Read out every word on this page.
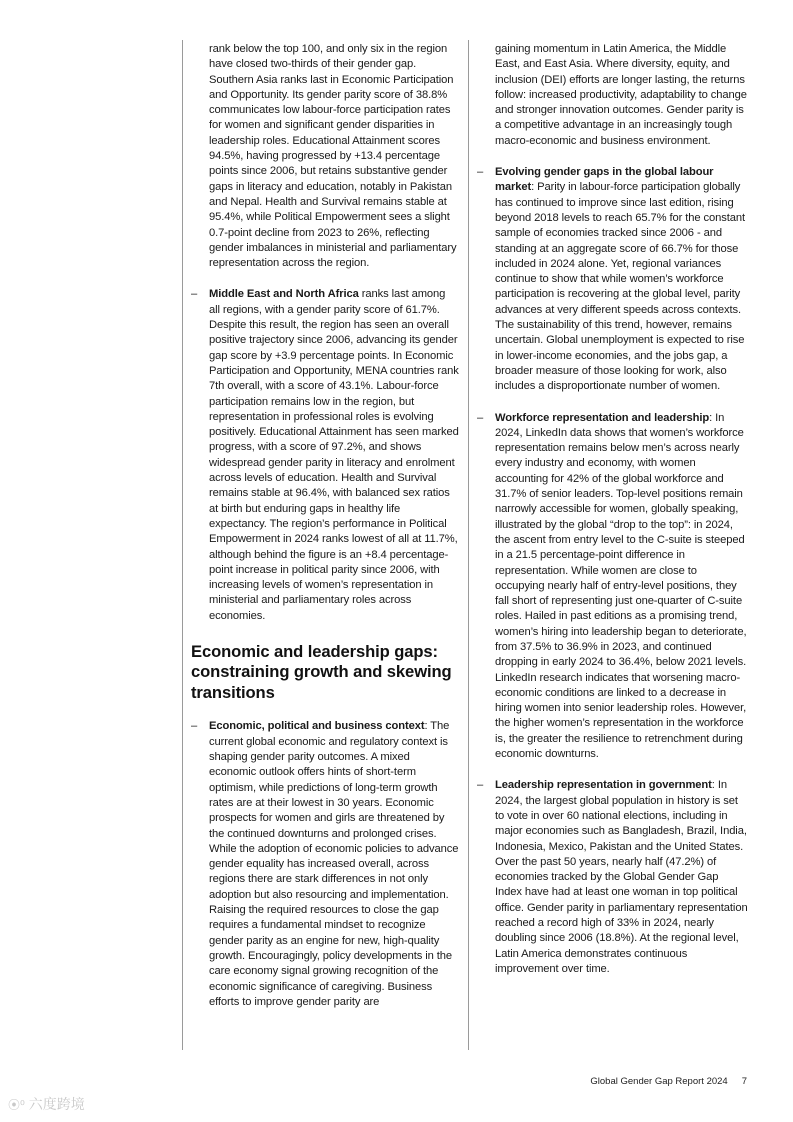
rank below the top 100, and only six in the region have closed two-thirds of their gender gap. Southern Asia ranks last in Economic Participation and Opportunity. Its gender parity score of 38.8% communicates low labour-force participation rates for women and significant gender disparities in leadership roles. Educational Attainment scores 94.5%, having progressed by +13.4 percentage points since 2006, but retains substantive gender gaps in literacy and education, notably in Pakistan and Nepal. Health and Survival remains stable at 95.4%, while Political Empowerment sees a slight 0.7-point decline from 2023 to 26%, reflecting gender imbalances in ministerial and parliamentary representation across the region.

– Middle East and North Africa ranks last among all regions, with a gender parity score of 61.7%. Despite this result, the region has seen an overall positive trajectory since 2006, advancing its gender gap score by +3.9 percentage points. In Economic Participation and Opportunity, MENA countries rank 7th overall, with a score of 43.1%. Labour-force participation remains low in the region, but representation in professional roles is evolving positively. Educational Attainment has seen marked progress, with a score of 97.2%, and shows widespread gender parity in literacy and enrolment across levels of education. Health and Survival remains stable at 96.4%, with balanced sex ratios at birth but enduring gaps in healthy life expectancy. The region’s performance in Political Empowerment in 2024 ranks lowest of all at 11.7%, although behind the figure is an +8.4 percentage-point increase in political parity since 2006, with increasing levels of women’s representation in ministerial and parliamentary roles across economies.

Economic and leadership gaps: constraining growth and skewing transitions

– Economic, political and business context: The current global economic and regulatory context is shaping gender parity outcomes. A mixed economic outlook offers hints of short-term optimism, while predictions of long-term growth rates are at their lowest in 30 years. Economic prospects for women and girls are threatened by the continued downturns and prolonged crises. While the adoption of economic policies to advance gender equality has increased overall, across regions there are stark differences in not only adoption but also resourcing and implementation. Raising the required resources to close the gap requires a fundamental mindset to recognize gender parity as an engine for new, high-quality growth. Encouragingly, policy developments in the care economy signal growing recognition of the economic significance of caregiving. Business efforts to improve gender parity are

gaining momentum in Latin America, the Middle East, and East Asia. Where diversity, equity, and inclusion (DEI) efforts are longer lasting, the returns follow: increased productivity, adaptability to change and stronger innovation outcomes. Gender parity is a competitive advantage in an increasingly tough macro-economic and business environment.

– Evolving gender gaps in the global labour market: Parity in labour-force participation globally has continued to improve since last edition, rising beyond 2018 levels to reach 65.7% for the constant sample of economies tracked since 2006 - and standing at an aggregate score of 66.7% for those included in 2024 alone. Yet, regional variances continue to show that while women’s workforce participation is recovering at the global level, parity advances at very different speeds across contexts. The sustainability of this trend, however, remains uncertain. Global unemployment is expected to rise in lower-income economies, and the jobs gap, a broader measure of those looking for work, also includes a disproportionate number of women.

– Workforce representation and leadership: In 2024, LinkedIn data shows that women’s workforce representation remains below men’s across nearly every industry and economy, with women accounting for 42% of the global workforce and 31.7% of senior leaders. Top-level positions remain narrowly accessible for women, globally speaking, illustrated by the global “drop to the top”: in 2024, the ascent from entry level to the C-suite is steeped in a 21.5 percentage-point difference in representation. While women are close to occupying nearly half of entry-level positions, they fall short of representing just one-quarter of C-suite roles. Hailed in past editions as a promising trend, women’s hiring into leadership began to deteriorate, from 37.5% to 36.9% in 2023, and continued dropping in early 2024 to 36.4%, below 2021 levels. LinkedIn research indicates that worsening macro-economic conditions are linked to a decrease in hiring women into senior leadership roles. However, the higher women’s representation in the workforce is, the greater the resilience to retrenchment during economic downturns.

– Leadership representation in government: In 2024, the largest global population in history is set to vote in over 60 national elections, including in major economies such as Bangladesh, Brazil, India, Indonesia, Mexico, Pakistan and the United States. Over the past 50 years, nearly half (47.2%) of economies tracked by the Global Gender Gap Index have had at least one woman in top political office. Gender parity in parliamentary representation reached a record high of 33% in 2024, nearly doubling since 2006 (18.8%). At the regional level, Latin America demonstrates continuous improvement over time.

Global Gender Gap Report 2024 7
⦿⁰ 六度跨境
